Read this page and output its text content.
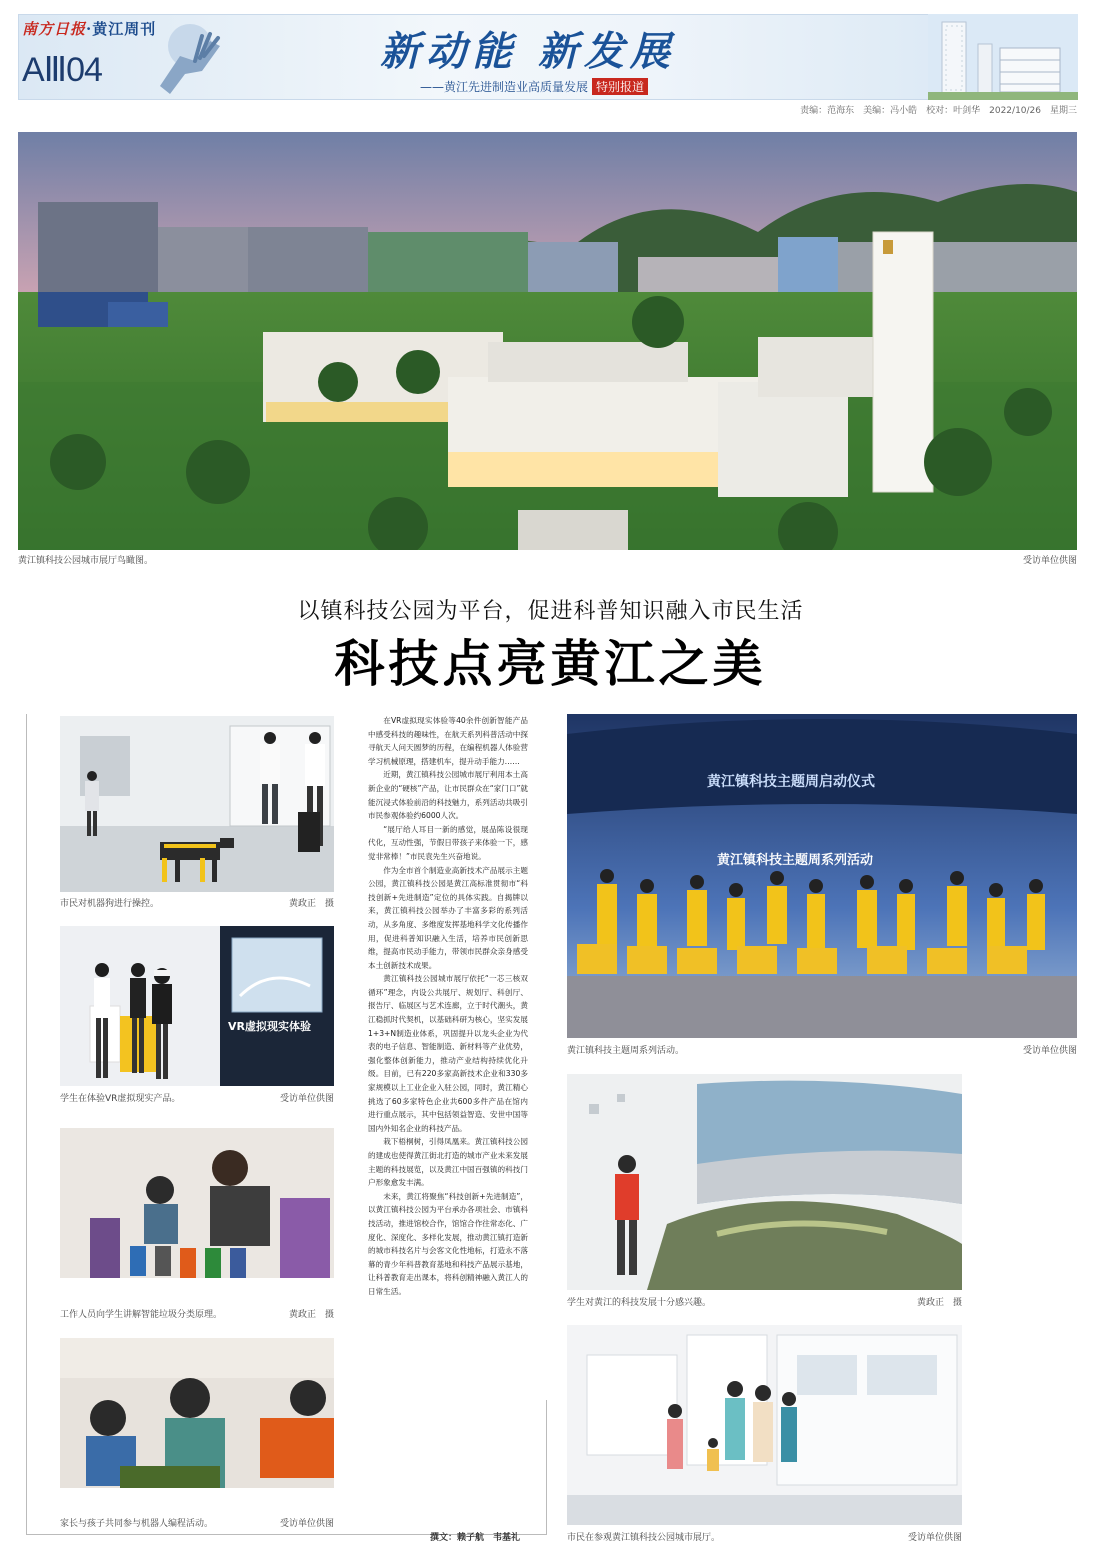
南方日报·黄江周刊
AⅢ04	新动能 新发展
——黄江先进制造业高质量发展 特别报道
责编：范海东　美编：冯小皓　校对：叶剑华　2022/10/26　星期三
黄江镇科技公园城市展厅鸟瞰图。	受访单位供图
以镇科技公园为平台，促进科普知识融入市民生活
科技点亮黄江之美
市民对机器狗进行操控。	黄政正　摄
VR虚拟现实体验
学生在体验VR虚拟现实产品。	受访单位供图
工作人员向学生讲解智能垃圾分类原理。	黄政正　摄
家长与孩子共同参与机器人编程活动。	受访单位供图

在VR虚拟现实体验等40余件创新智能产品中感受科技的趣味性，在航天系列科普活动中探寻航天人问天圆梦的历程，在编程机器人体验营学习机械原理，搭建机车，提升动手能力……

近期，黄江镇科技公园城市展厅利用本土高新企业的“硬核”产品，让市民群众在“家门口”就能沉浸式体验前沿的科技魅力，系列活动共吸引市民参观体验约6000人次。

“展厅给人耳目一新的感觉，展品陈设很现代化，互动性强，节假日带孩子来体验一下，感觉非常棒！”市民袁先生兴奋地说。

作为全市首个制造业高新技术产品展示主题公园，黄江镇科技公园是黄江高标准贯彻市“科技创新+先进制造”定位的具体实践。自揭牌以来，黄江镇科技公园举办了丰富多彩的系列活动，从多角度、多维度发挥基地科学文化传播作用，促进科普知识融入生活，培养市民创新思维，提高市民动手能力，带领市民群众亲身感受本土创新技术成果。

黄江镇科技公园城市展厅依托“一芯三核双循环”理念，内设公共展厅、规划厅、科创厅、报告厅、临展区与艺术连廊，立于时代潮头，黄江稳抓时代契机，以基础科研为核心，坚实发展1+3+N制造业体系，巩固提升以龙头企业为代表的电子信息、智能制造、新材料等产业优势，强化整体创新能力，推动产业结构持续优化升级。目前，已有220多家高新技术企业和330多家规模以上工业企业入驻公园，同时，黄江精心挑选了60多家特色企业共600多件产品在馆内进行重点展示，其中包括领益智造、安世中国等国内外知名企业的科技产品。

栽下梧桐树，引得凤凰来。黄江镇科技公园的建成也使得黄江街北打造的城市产业未来发展主题的科技展览，以及黄江中国百强镇的科技门户形象愈发丰满。

未来，黄江将聚焦“科技创新+先进制造”，以黄江镇科技公园为平台承办各项社会、市镇科技活动，推进馆校合作，馆馆合作往常态化、广度化、深度化、多样化发展，推动黄江镇打造新的城市科技名片与会客文化性地标，打造永不落幕的青少年科普教育基地和科技产品展示基地，让科普教育走出课本，将科创精神融入黄江人的日常生活。

撰文：赖子航　韦基礼
黄江镇科技主题周启动仪式
黄江镇科技主题周系列活动
黄江镇科技主题周系列活动。	受访单位供图
学生对黄江的科技发展十分感兴趣。	黄政正　摄
市民在参观黄江镇科技公园城市展厅。	受访单位供图
